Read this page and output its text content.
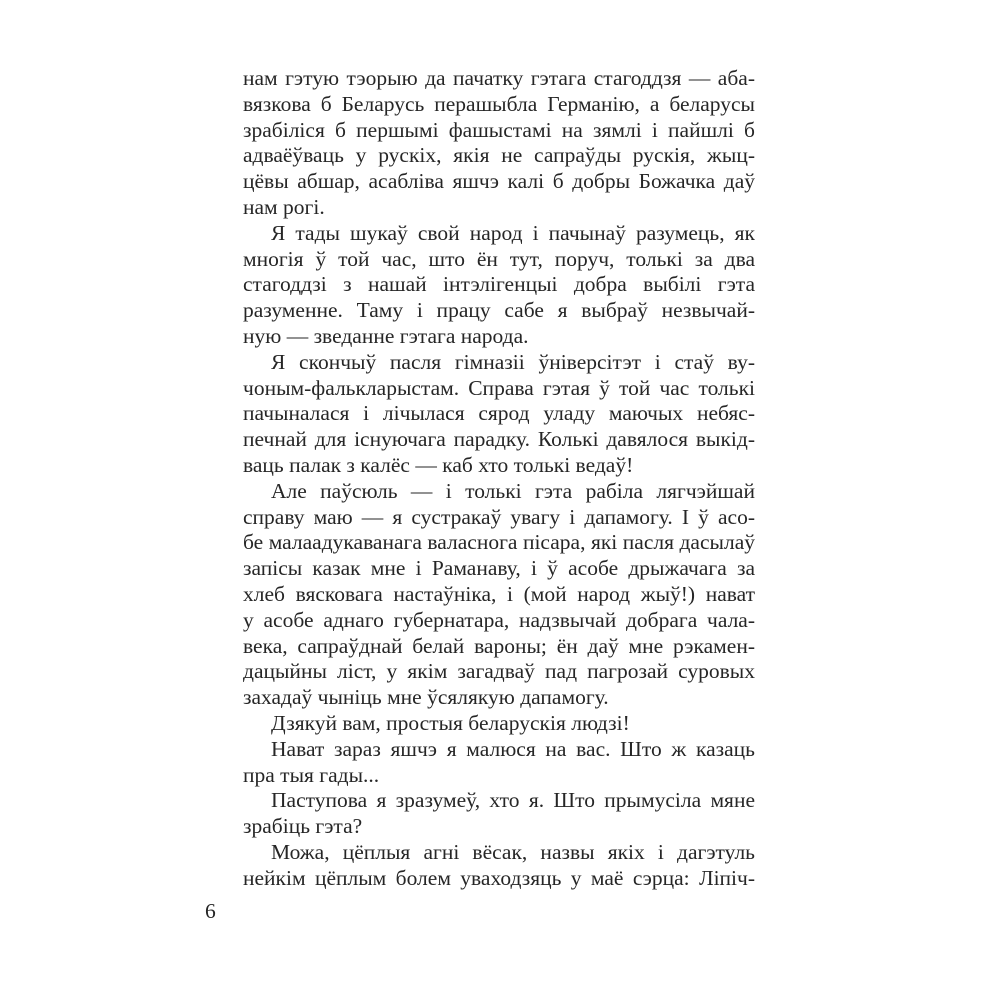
нам гэтую тэорыю да пачатку гэтага стагоддзя — аба-
вязкова б Беларусь перашыбла Германію, а беларусы
зрабіліся б першымі фашыстамі на зямлі і пайшлі б
адваёўваць у рускіх, якія не сапраўды рускія, жыц-
цёвы абшар, асабліва яшчэ калі б добры Божачка даў
нам рогі.
Я тады шукаў свой народ і пачынаў разумець, як
многія ў той час, што ён тут, поруч, толькі за два
стагоддзі з нашай інтэлігенцыі добра выбілі гэта
разуменне. Таму і працу сабе я выбраў незвычай-
ную — зведанне гэтага народа.
Я скончыў пасля гімназіі ўніверсітэт і стаў ву-
чоным-фалькларыстам. Справа гэтая ў той час толькі
пачыналася і лічылася сярод уладу маючых небяс-
печнай для існуючага парадку. Колькі давялося выкід-
ваць палак з калёс — каб хто толькі ведаў!
Але паўсюль — і толькі гэта рабіла лягчэйшай
справу маю — я сустракаў увагу і дапамогу. І ў асо-
бе малаадукаванага валаснога пісара, які пасля дасылаў
запісы казак мне і Раманаву, і ў асобе дрыжачага за
хлеб вясковага настаўніка, і (мой народ жыў!) нават
у асобе аднаго губернатара, надзвычай добрага чала-
века, сапраўднай белай вароны; ён даў мне рэкамен-
дацыйны ліст, у якім загадваў пад пагрозай суровых
захадаў чыніць мне ўсялякую дапамогу.
Дзякуй вам, простыя беларускія людзі!
Нават зараз яшчэ я малюся на вас. Што ж казаць
пра тыя гады...
Паступова я зразумеў, хто я. Што прымусіла мяне
зрабіць гэта?
Можа, цёплыя агні вёсак, назвы якіх і дагэтуль
нейкім цёплым болем уваходзяць у маё сэрца: Ліпіч-
6
